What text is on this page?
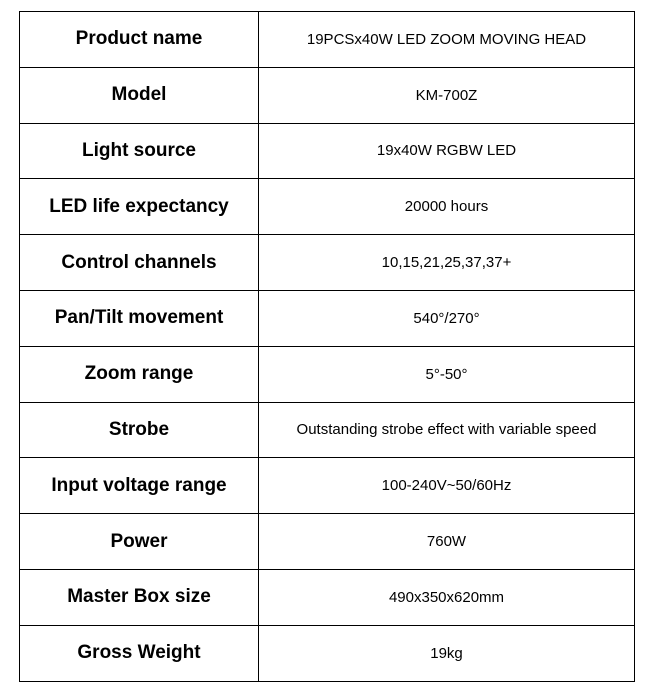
Product name	19PCSx40W LED ZOOM MOVING HEAD
Model	KM-700Z
Light source	19x40W RGBW LED
LED life expectancy	20000 hours
Control channels	10,15,21,25,37,37+
Pan/Tilt movement	540°/270°
Zoom range	5°-50°
Strobe	Outstanding strobe effect with variable speed
Input voltage range	100-240V~50/60Hz
Power	760W
Master Box size	490x350x620mm
Gross Weight	19kg
